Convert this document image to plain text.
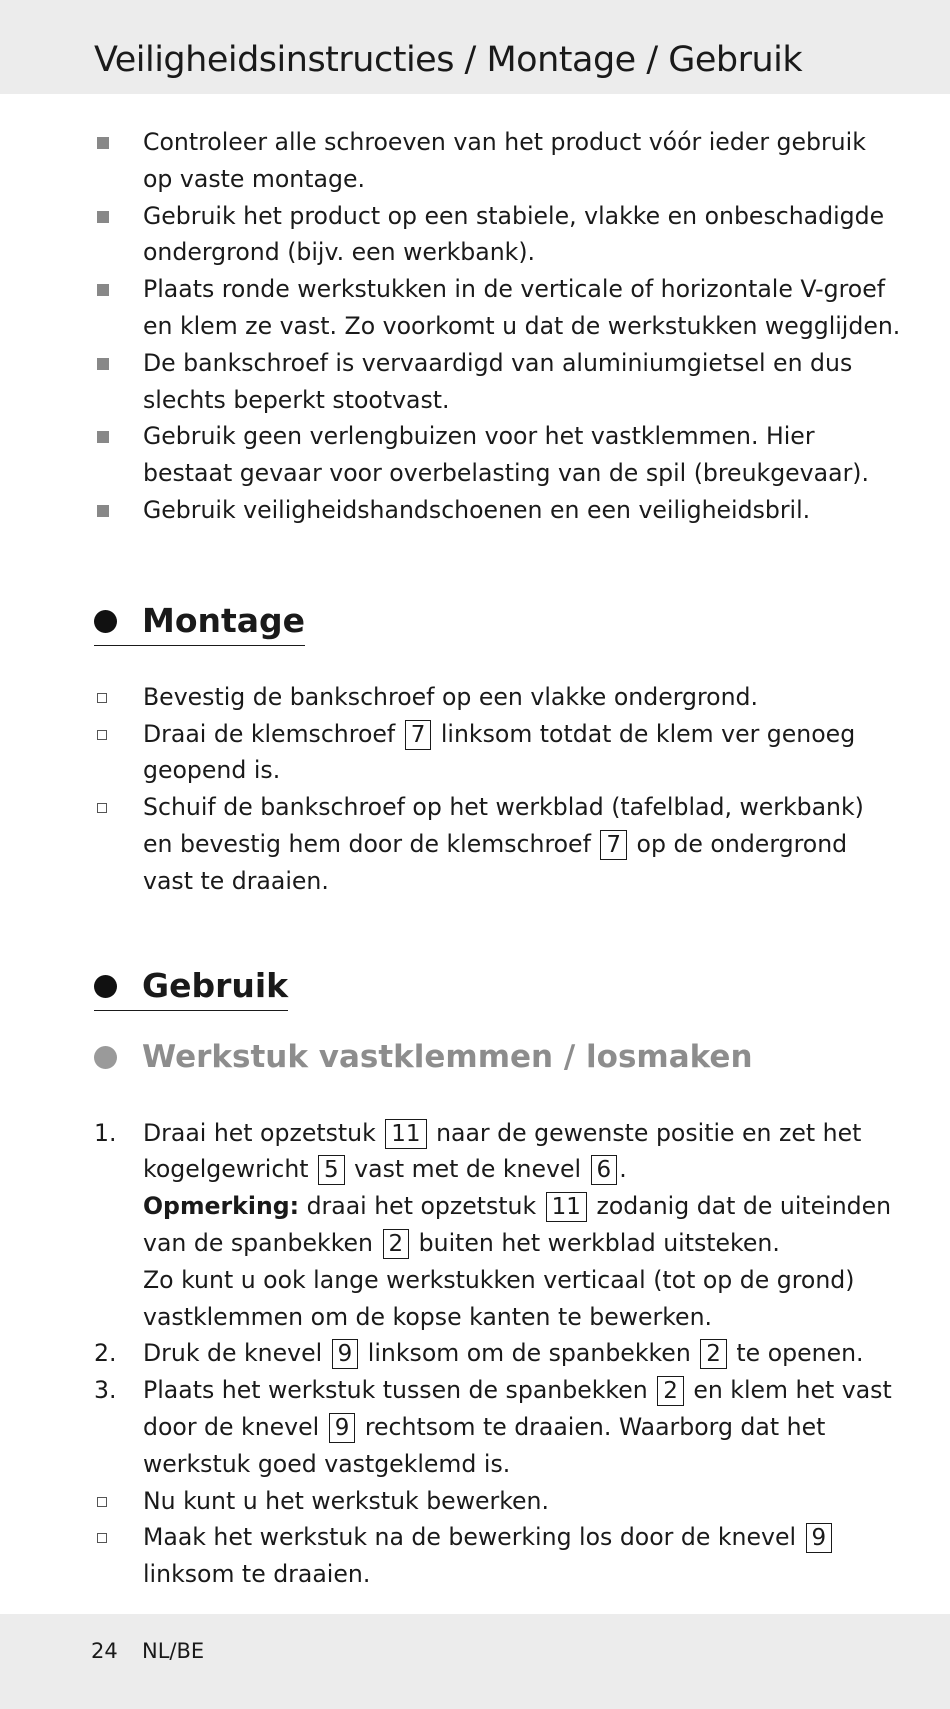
Veiligheidsinstructies / Montage / Gebruik
Controleer alle schroeven van het product vóór ieder gebruik
op vaste montage.
Gebruik het product op een stabiele, vlakke en onbeschadigde
ondergrond (bijv. een werkbank).
Plaats ronde werkstukken in de verticale of horizontale V-groef
en klem ze vast. Zo voorkomt u dat de werkstukken wegglijden.
De bankschroef is vervaardigd van aluminiumgietsel en dus
slechts beperkt stootvast.
Gebruik geen verlengbuizen voor het vastklemmen. Hier
bestaat gevaar voor overbelasting van de spil (breukgevaar).
Gebruik veiligheidshandschoenen en een veiligheidsbril.
Montage
Bevestig de bankschroef op een vlakke ondergrond.
Draai de klemschroef 7 linksom totdat de klem ver genoeg
geopend is.
Schuif de bankschroef op het werkblad (tafelblad, werkbank)
en bevestig hem door de klemschroef 7 op de ondergrond
vast te draaien.
Gebruik
Werkstuk vastklemmen / losmaken
1. Draai het opzetstuk 11 naar de gewenste positie en zet het
kogelgewricht 5 vast met de knevel 6 .
Opmerking: draai het opzetstuk 11 zodanig dat de uiteinden
van de spanbekken 2 buiten het werkblad uitsteken.
Zo kunt u ook lange werkstukken verticaal (tot op de grond)
vastklemmen om de kopse kanten te bewerken.
2. Druk de knevel 9 linksom om de spanbekken 2 te openen.
3. Plaats het werkstuk tussen de spanbekken 2 en klem het vast
door de knevel 9 rechtsom te draaien. Waarborg dat het
werkstuk goed vastgeklemd is.
Nu kunt u het werkstuk bewerken.
Maak het werkstuk na de bewerking los door de knevel 9
linksom te draaien.
24 NL/BE
